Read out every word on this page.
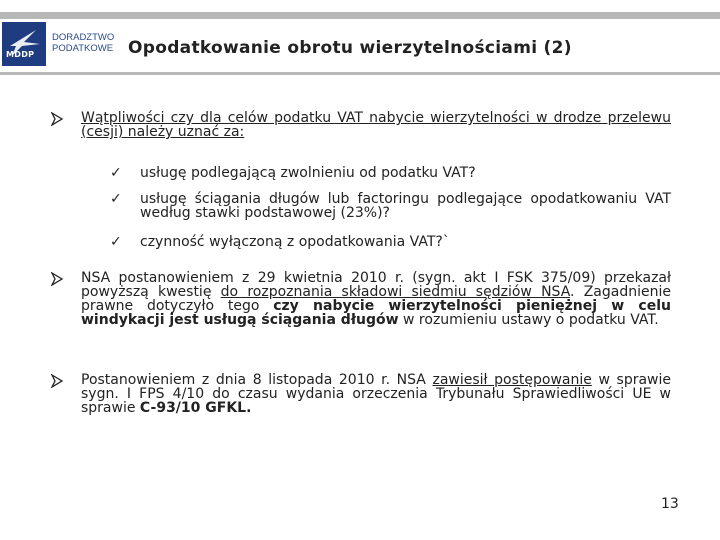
MDDP
DORADZTWO
PODATKOWE Opodatkowanie obrotu wierzytelnościami (2)
Wątpliwości czy dla celów podatku VAT nabycie wierzytelności w drodze przelewu (cesji) należy uznać za:
✓ usługę podlegającą zwolnieniu od podatku VAT?
✓ usługę ściągania długów lub factoringu podlegające opodatkowaniu VAT według stawki podstawowej (23%)?
✓ czynność wyłączoną z opodatkowania VAT?`
NSA postanowieniem z 29 kwietnia 2010 r. (sygn. akt I FSK 375/09) przekazał powyższą kwestię do rozpoznania składowi siedmiu sędziów NSA. Zagadnienie prawne dotyczyło tego czy nabycie wierzytelności pieniężnej w celu windykacji jest usługą ściągania długów w rozumieniu ustawy o podatku VAT.
Postanowieniem z dnia 8 listopada 2010 r. NSA zawiesił postępowanie w sprawie sygn. I FPS 4/10 do czasu wydania orzeczenia Trybunału Sprawiedliwości UE w sprawie C-93/10 GFKL.
13
